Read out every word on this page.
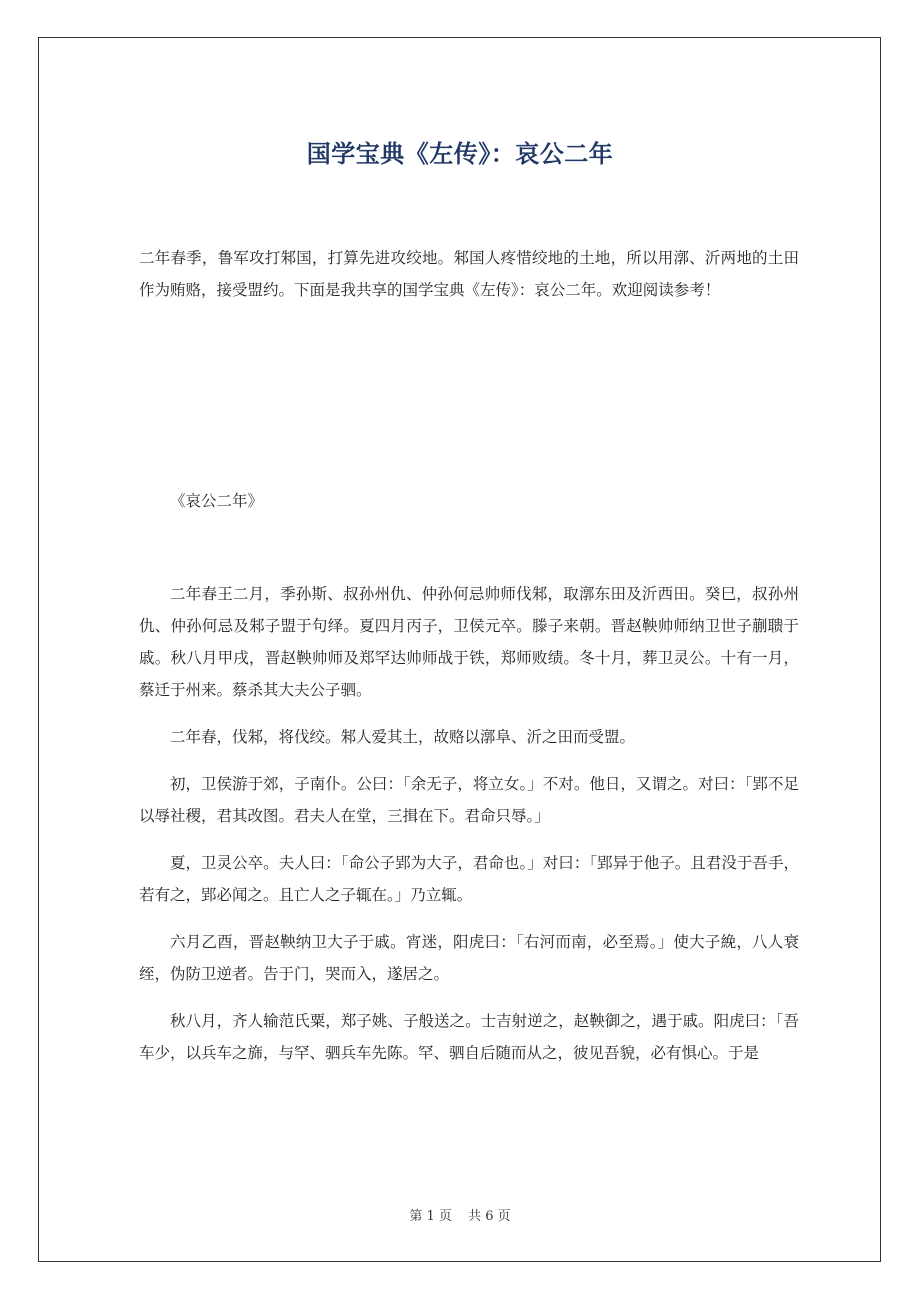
国学宝典《左传》：哀公二年
二年春季，鲁军攻打邾国，打算先进攻绞地。邾国人疼惜绞地的土地，所以用漷、沂两地的土田作为贿赂，接受盟约。下面是我共享的国学宝典《左传》：哀公二年。欢迎阅读参考！
《哀公二年》

二年春王二月，季孙斯、叔孙州仇、仲孙何忌帅师伐邾，取漷东田及沂西田。癸巳，叔孙州仇、仲孙何忌及邾子盟于句绎。夏四月丙子，卫侯元卒。滕子来朝。晋赵鞅帅师纳卫世子蒯聩于戚。秋八月甲戌，晋赵鞅帅师及郑罕达帅师战于铁，郑师败绩。冬十月，葬卫灵公。十有一月，蔡迁于州来。蔡杀其大夫公子驷。

二年春，伐邾，将伐绞。邾人爱其土，故赂以漷阜、沂之田而受盟。

初，卫侯游于郊，子南仆。公曰：「余无子，将立女。」不对。他日，又谓之。对曰：「郢不足以辱社稷，君其改图。君夫人在堂，三揖在下。君命只辱。」

夏，卫灵公卒。夫人曰：「命公子郢为大子，君命也。」对曰：「郢异于他子。且君没于吾手，若有之，郢必闻之。且亡人之子辄在。」乃立辄。

六月乙酉，晋赵鞅纳卫大子于戚。宵迷，阳虎曰：「右河而南，必至焉。」使大子絻，八人衰绖，伪防卫逆者。告于门，哭而入，遂居之。

秋八月，齐人输范氏粟，郑子姚、子般送之。士吉射逆之，赵鞅御之，遇于戚。阳虎曰：「吾车少，以兵车之旆，与罕、驷兵车先陈。罕、驷自后随而从之，彼见吾貌，必有惧心。于是

第 1 页 共 6 页
